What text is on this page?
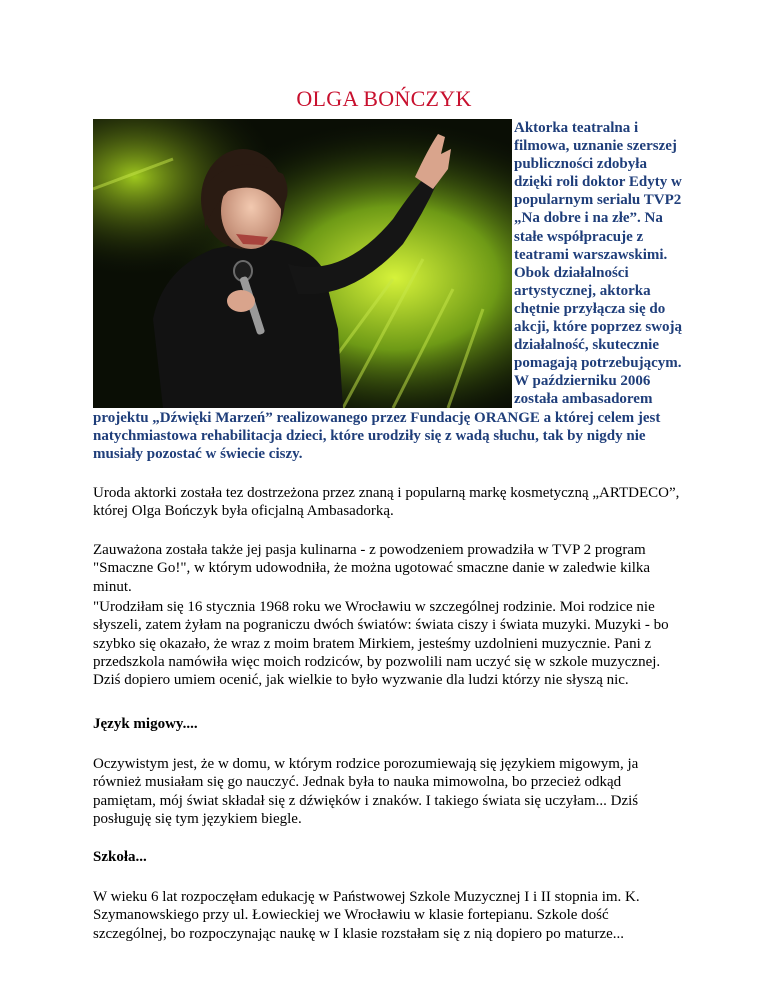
OLGA BOŃCZYK

Aktorka teatralna i filmowa, uznanie szerszej publiczności zdobyła dzięki roli doktor Edyty w popularnym serialu TVP2 „Na dobre i na złe”. Na stałe współpracuje z teatrami warszawskimi. Obok działalności artystycznej, aktorka chętnie przyłącza się do akcji, które poprzez swoją działalność, skutecznie pomagają potrzebującym. W październiku 2006 została ambasadorem projektu „Dźwięki Marzeń” realizowanego przez Fundację ORANGE a której celem jest natychmiastowa rehabilitacja dzieci, które urodziły się z wadą słuchu, tak by nigdy nie musiały pozostać w świecie ciszy.

Uroda aktorki została tez dostrzeżona przez znaną i popularną markę kosmetyczną „ARTDECO”, której Olga Bończyk była oficjalną Ambasadorką.

Zauważona została także jej pasja kulinarna - z powodzeniem prowadziła w TVP 2 program "Smaczne Go!", w którym udowodniła, że można ugotować smaczne danie w zaledwie kilka minut.

"Urodziłam się 16 stycznia 1968 roku we Wrocławiu w szczególnej rodzinie. Moi rodzice nie słyszeli, zatem żyłam na pograniczu dwóch światów: świata ciszy i świata muzyki. Muzyki - bo szybko się okazało, że wraz z moim bratem Mirkiem, jesteśmy uzdolnieni muzycznie. Pani z przedszkola namówiła więc moich rodziców, by pozwolili nam uczyć się w szkole muzycznej. Dziś dopiero umiem ocenić, jak wielkie to było wyzwanie dla ludzi którzy nie słyszą nic.

Język migowy....

Oczywistym jest, że w domu, w którym rodzice porozumiewają się językiem migowym, ja również musiałam się go nauczyć. Jednak była to nauka mimowolna, bo przecież odkąd pamiętam, mój świat składał się z dźwięków i znaków. I takiego świata się uczyłam... Dziś posługuję się tym językiem biegle.

Szkoła...

W wieku 6 lat rozpoczęłam edukację w Państwowej Szkole Muzycznej I i II stopnia im. K. Szymanowskiego przy ul. Łowieckiej we Wrocławiu w klasie fortepianu. Szkole dość szczególnej, bo rozpoczynając naukę w I klasie rozstałam się z nią dopiero po maturze...
